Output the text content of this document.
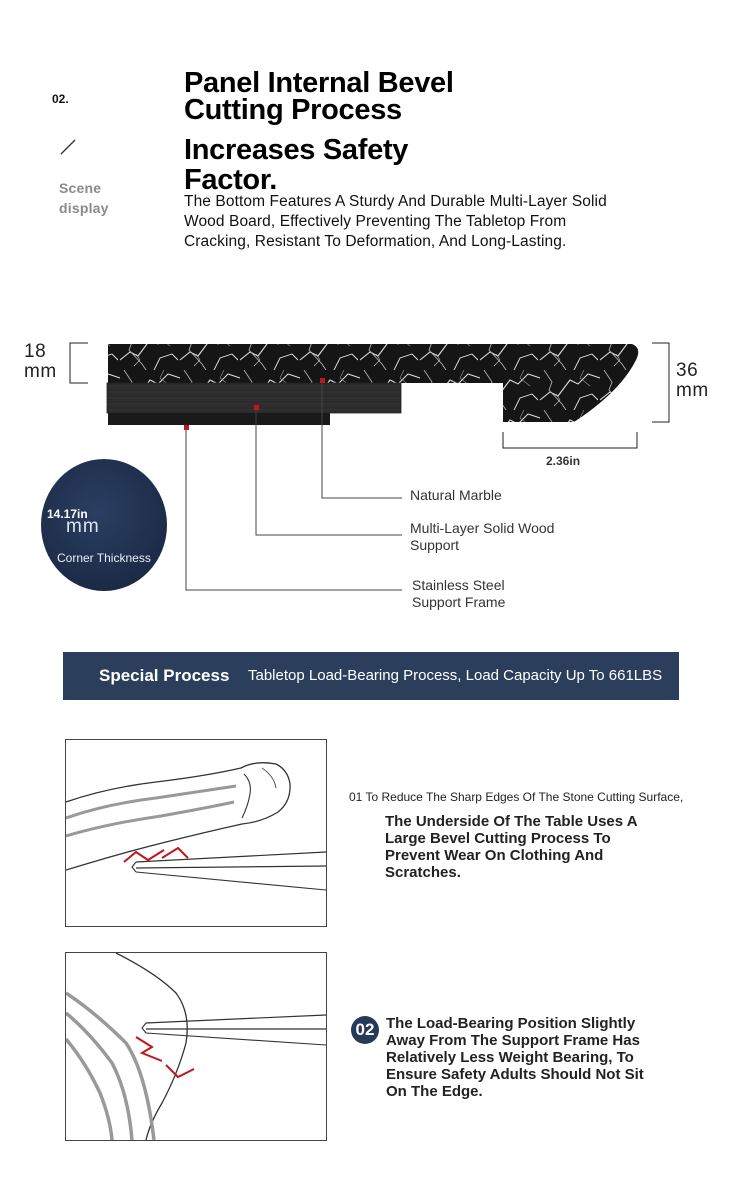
02.
Scene
display
Panel Internal Bevel
Cutting Process
Increases Safety
Factor.
The Bottom Features A Sturdy And Durable Multi-Layer Solid Wood Board, Effectively Preventing The Tabletop From Cracking, Resistant To Deformation, And Long-Lasting.
18
mm	36
mm
2.36in
Natural Marble
Multi-Layer Solid Wood
Support
Stainless Steel
Support Frame
14.17in
mm
Corner Thickness
Special Process Tabletop Load-Bearing Process, Load Capacity Up To 661LBS
01 To Reduce The Sharp Edges Of The Stone Cutting Surface,
The Underside Of The Table Uses A Large Bevel Cutting Process To Prevent Wear On Clothing And Scratches.
02 The Load-Bearing Position Slightly Away From The Support Frame Has Relatively Less Weight Bearing, To Ensure Safety Adults Should Not Sit On The Edge.
